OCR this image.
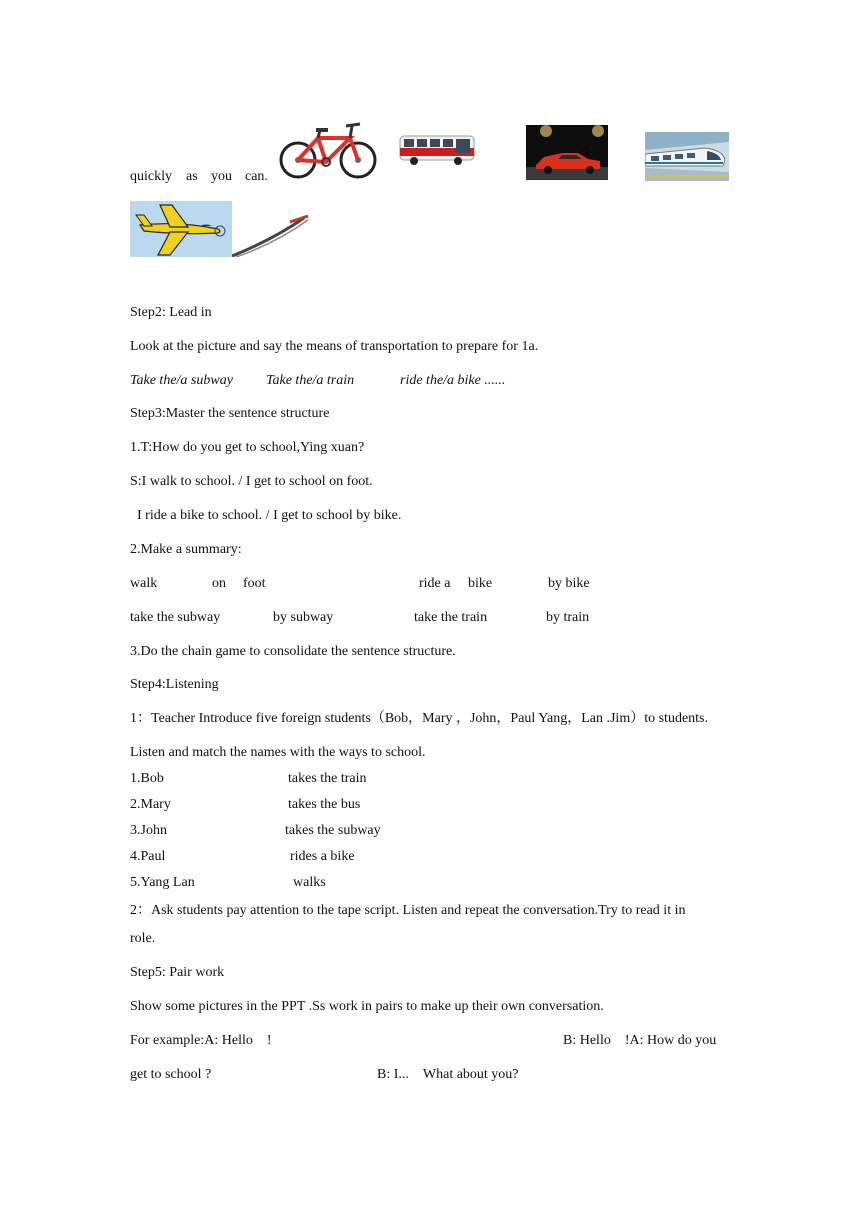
quickly as you can.
Step2: Lead in
Look at the picture and say the means of transportation to prepare for 1a.
Take the/a subway Take the/a train	ride the/a bike ......
Step3:Master the sentence structure
1.T:How do you get to school,Ying xuan?
S:I walk to school. / I get to school on foot.
I ride a bike to school. / I get to school by bike.
2.Make a summary:
walk	on foot	ride a bike	by bike
take the subway	by subway	take the train	by train
3.Do the chain game to consolidate the sentence structure.
Step4:Listening
1：Teacher Introduce five foreign students（Bob，Mary ，John，Paul Yang，Lan .Jim）to students.
Listen and match the names with the ways to school.
1.Bob	takes the train
2.Mary	takes the bus
3.John	takes the subway
4.Paul	rides a bike
5.Yang Lan	walks
2：Ask students pay attention to the tape script. Listen and repeat the conversation.Try to read it in
role.
Step5: Pair work
Show some pictures in the PPT .Ss work in pairs to make up their own conversation.
For example:A: Hello　!	B: Hello　!A: How do you
get to school ?	B: I...　What about you?
